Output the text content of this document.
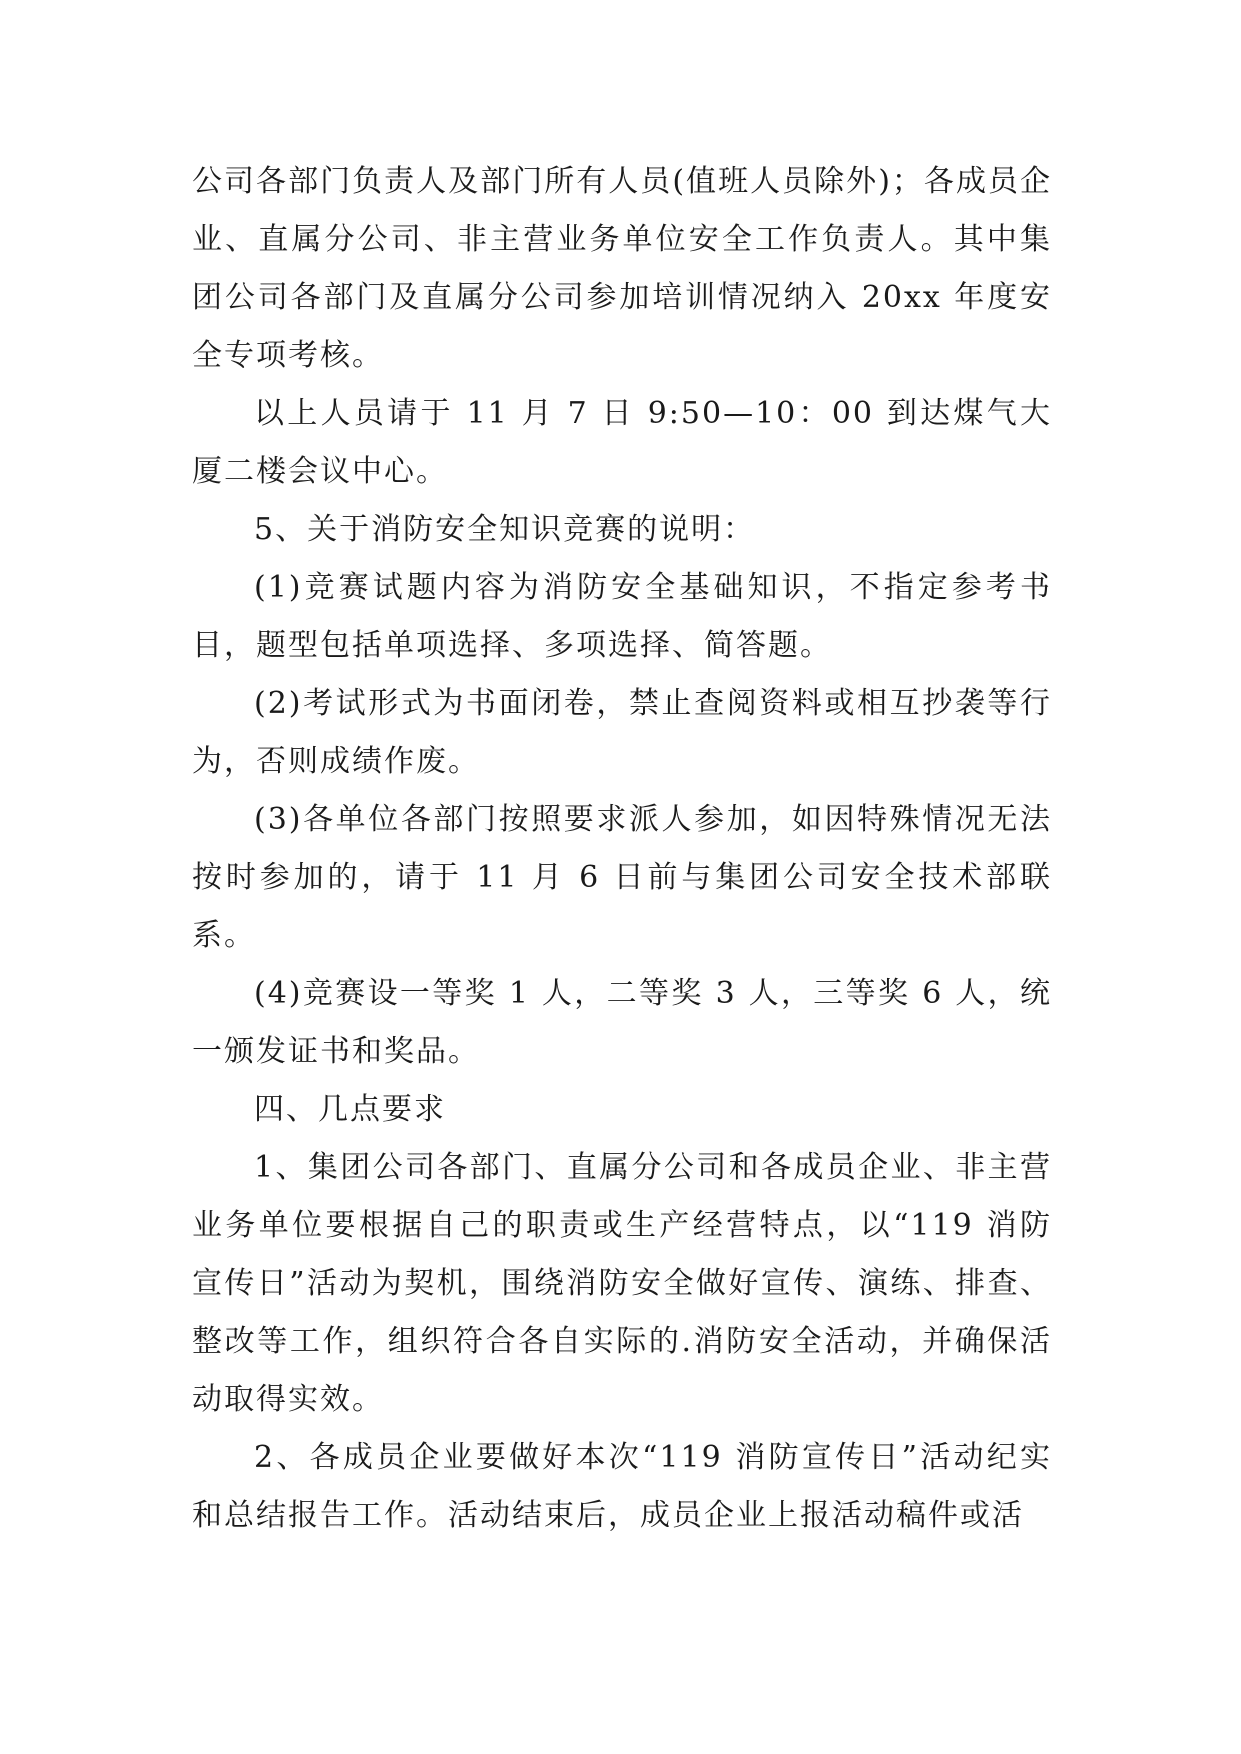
公司各部门负责人及部门所有人员(值班人员除外)；各成员企业、直属分公司、非主营业务单位安全工作负责人。其中集团公司各部门及直属分公司参加培训情况纳入 20xx 年度安全专项考核。

以上人员请于 11 月 7 日 9:50—10：00 到达煤气大厦二楼会议中心。

5、关于消防安全知识竞赛的说明：

(1)竞赛试题内容为消防安全基础知识，不指定参考书目，题型包括单项选择、多项选择、简答题。

(2)考试形式为书面闭卷，禁止查阅资料或相互抄袭等行为，否则成绩作废。

(3)各单位各部门按照要求派人参加，如因特殊情况无法按时参加的，请于 11 月 6 日前与集团公司安全技术部联系。

(4)竞赛设一等奖 1 人，二等奖 3 人，三等奖 6 人，统一颁发证书和奖品。

四、几点要求

1、集团公司各部门、直属分公司和各成员企业、非主营业务单位要根据自己的职责或生产经营特点，以“119 消防宣传日”活动为契机，围绕消防安全做好宣传、演练、排查、整改等工作，组织符合各自实际的.消防安全活动，并确保活动取得实效。

2、各成员企业要做好本次“119 消防宣传日”活动纪实和总结报告工作。活动结束后，成员企业上报活动稿件或活
